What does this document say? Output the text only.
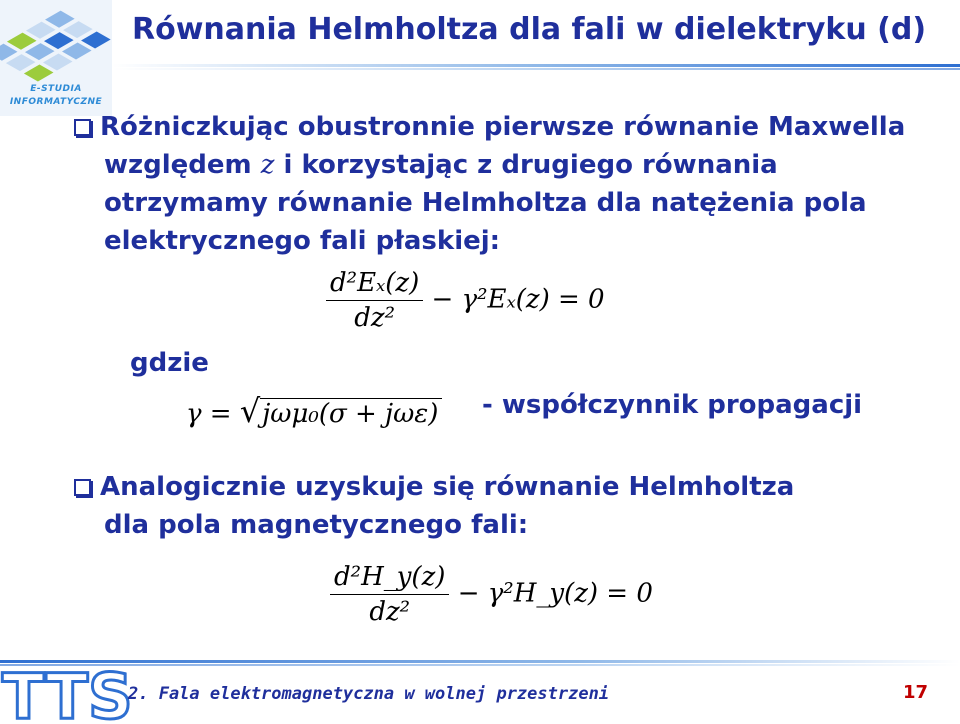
E-STUDIA
INFORMATYCZNE
Równania Helmholtza dla fali w dielektryku (d)
Różniczkując obustronnie pierwsze równanie Maxwella
względem z i korzystając z drugiego równania
otrzymamy równanie Helmholtza dla natężenia pola
elektrycznego fali płaskiej:
$\frac{\text{d²Eₓ(z)}}{\text{dz²}} - \gamma^2E_x(z) = 0$
gdzie
γ = √jωμ₀(σ + jωε) - współczynnik propagacji
Analogicznie uzyskuje się równanie Helmholtza
dla pola magnetycznego fali:
$\frac{\text{d²H\_y(z)}}{\text{dz²}}$ − γ²H_y(z) = 0
TTS
2. Fala elektromagnetyczna w wolnej przestrzeni	17
